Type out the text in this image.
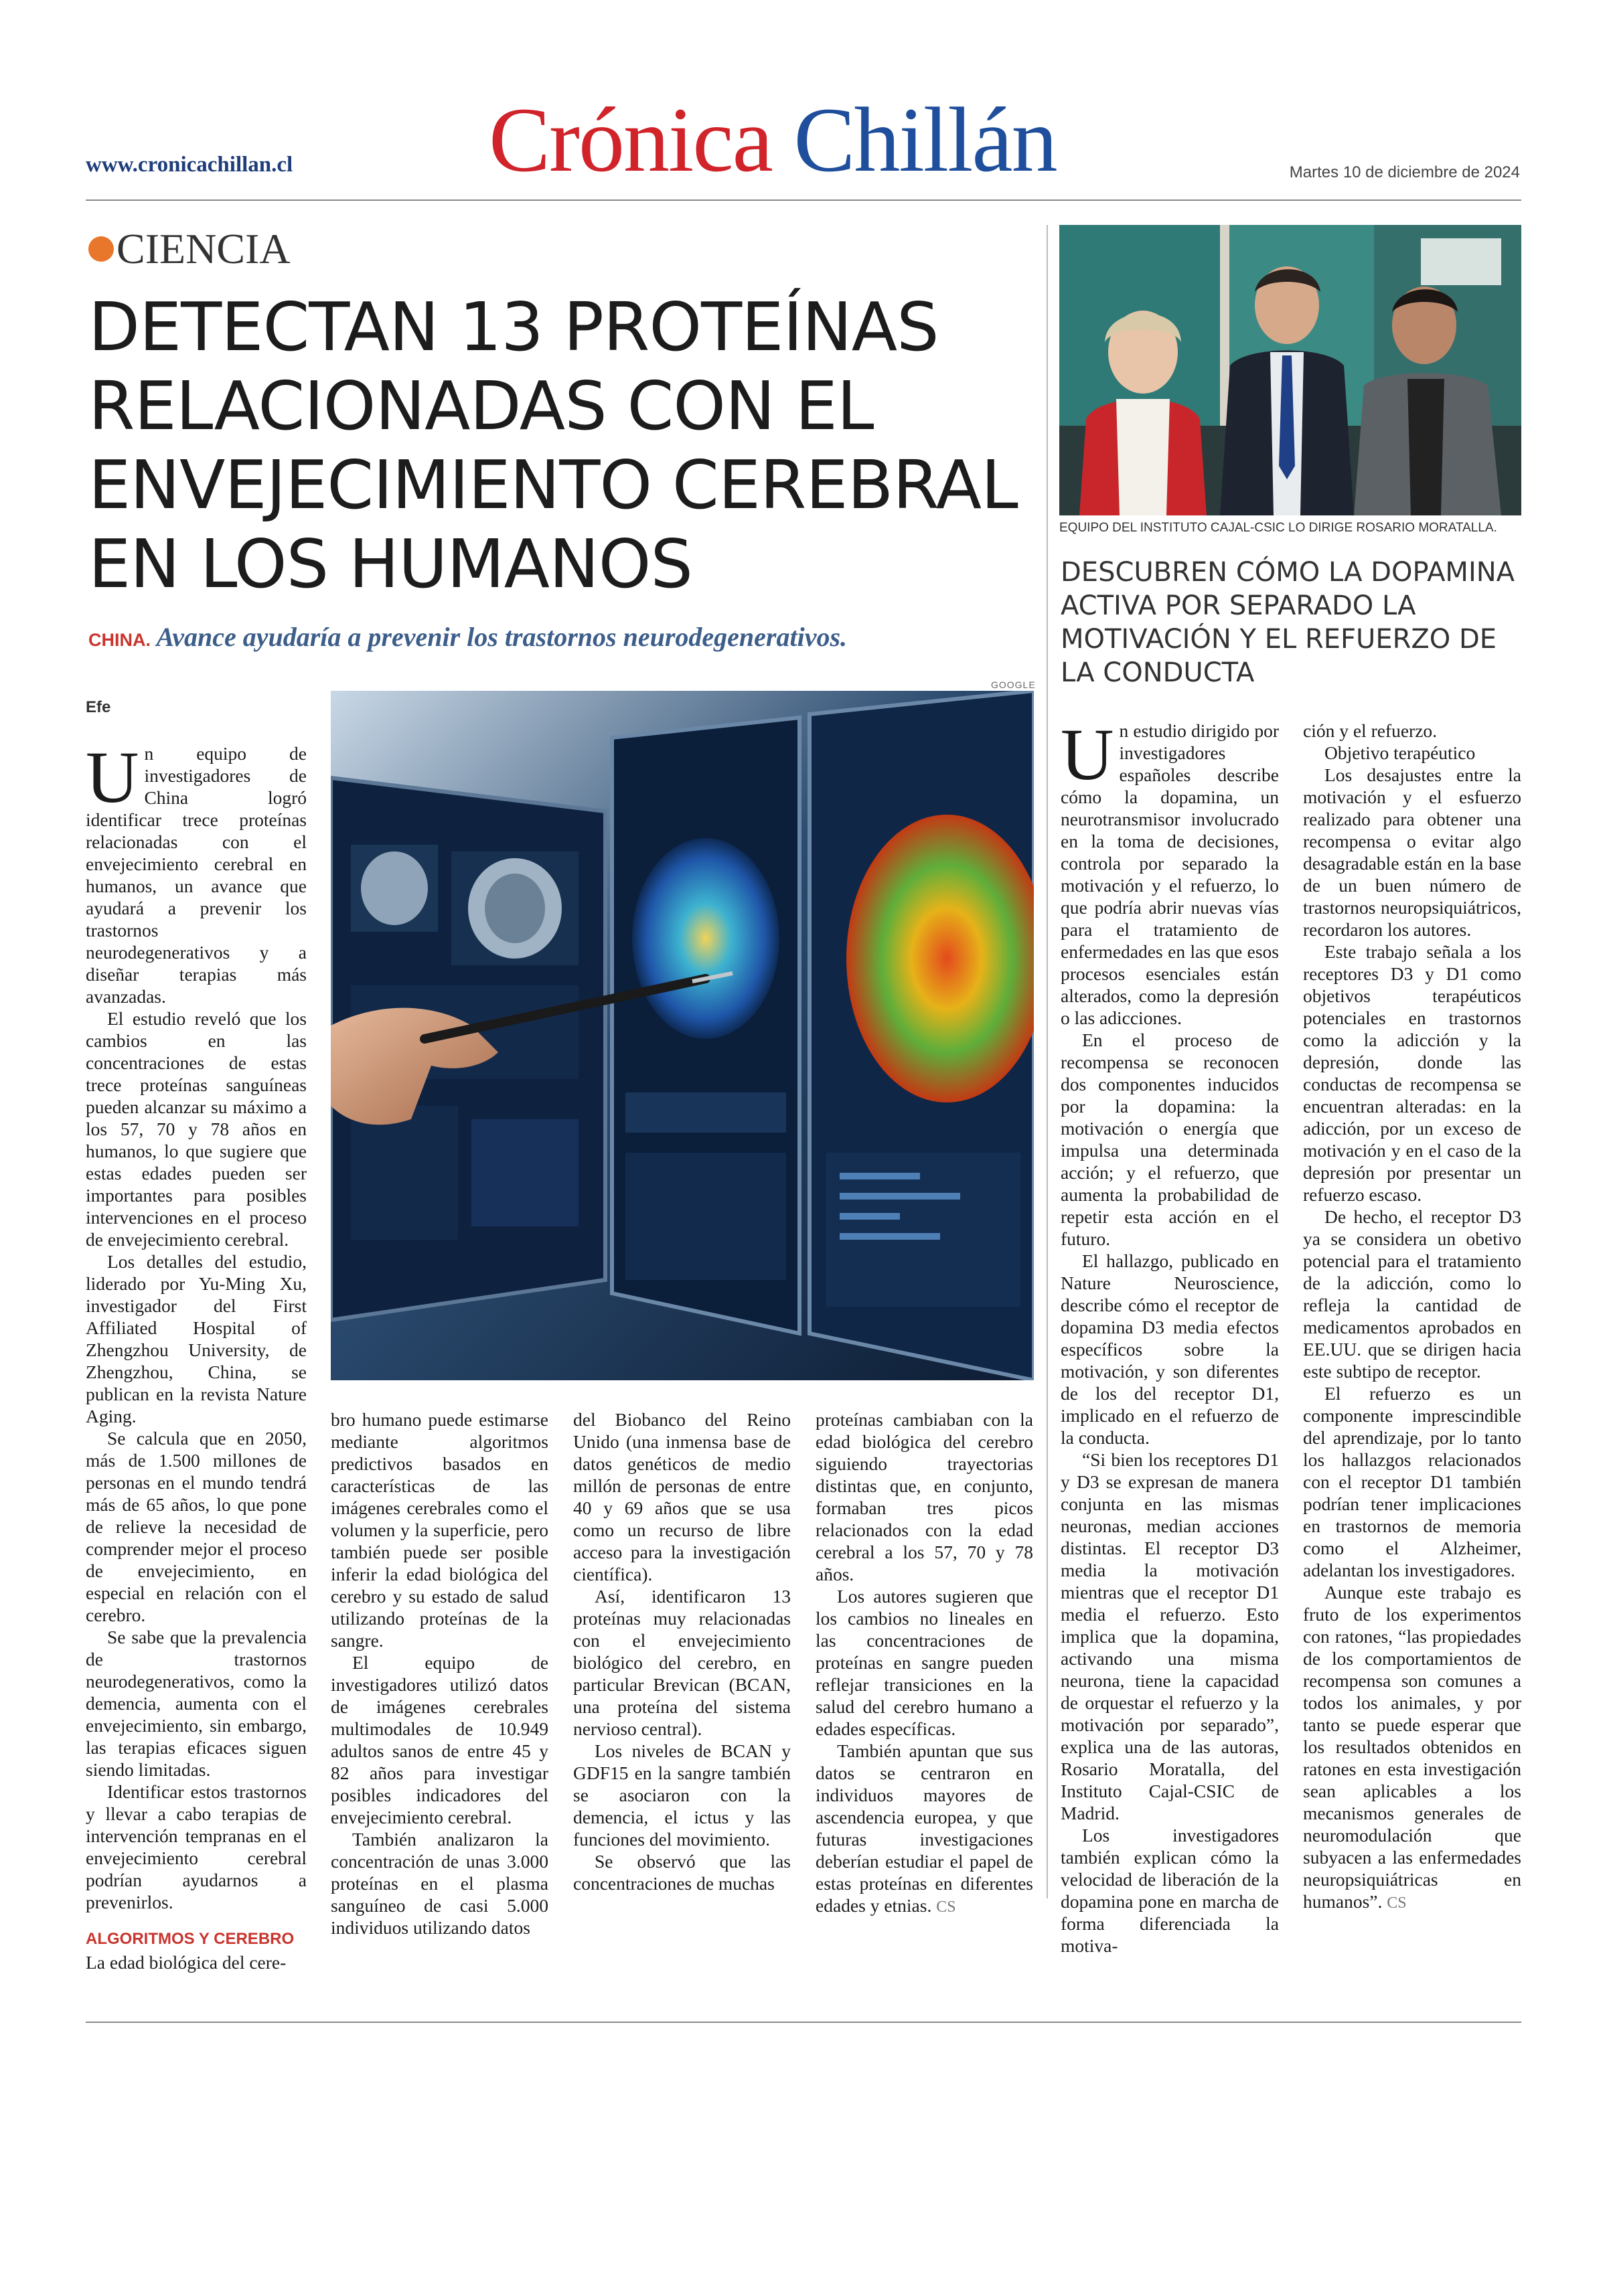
www.cronicachillan.cl Crónica Chillán	Martes 10 de diciembre de 2024
CIENCIA
DETECTAN 13 PROTEÍNAS RELACIONADAS CON EL ENVEJECIMIENTO CEREBRAL EN LOS HUMANOS
CHINA. Avance ayudaría a prevenir los trastornos neurodegenerativos.
GOOGLE
Efe

Un equipo de investigadores de China logró identificar trece proteínas relacionadas con el envejecimiento cerebral en humanos, un avance que ayudará a prevenir los trastornos neurodegenerativos y a diseñar terapias más avanzadas.

El estudio reveló que los cambios en las concentraciones de estas trece proteínas sanguíneas pueden alcanzar su máximo a los 57, 70 y 78 años en humanos, lo que sugiere que estas edades pueden ser importantes para posibles intervenciones en el proceso de envejecimiento cerebral.

Los detalles del estudio, liderado por Yu-Ming Xu, investigador del First Affiliated Hospital of Zhengzhou University, de Zhengzhou, China, se publican en la revista Nature Aging.

Se calcula que en 2050, más de 1.500 millones de personas en el mundo tendrá más de 65 años, lo que pone de relieve la necesidad de comprender mejor el proceso de envejecimiento, en especial en relación con el cerebro.

Se sabe que la prevalencia de trastornos neurodegenerativos, como la demencia, aumenta con el envejecimiento, sin embargo, las terapias eficaces siguen siendo limitadas.

Identificar estos trastornos y llevar a cabo terapias de intervención tempranas en el envejecimiento cerebral podrían ayudarnos a prevenirlos.

ALGORITMOS Y CEREBRO

La edad biológica del cere-

bro humano puede estimarse mediante algoritmos predictivos basados en características de las imágenes cerebrales como el volumen y la superficie, pero también puede ser posible inferir la edad biológica del cerebro y su estado de salud utilizando proteínas de la sangre.

El equipo de investigadores utilizó datos de imágenes cerebrales multimodales de 10.949 adultos sanos de entre 45 y 82 años para investigar posibles indicadores del envejecimiento cerebral.

También analizaron la concentración de unas 3.000 proteínas en el plasma sanguíneo de casi 5.000 individuos utilizando datos

del Biobanco del Reino Unido (una inmensa base de datos genéticos de medio millón de personas de entre 40 y 69 años que se usa como un recurso de libre acceso para la investigación científica).

Así, identificaron 13 proteínas muy relacionadas con el envejecimiento biológico del cerebro, en particular Brevican (BCAN, una proteína del sistema nervioso central).

Los niveles de BCAN y GDF15 en la sangre también se asociaron con la demencia, el ictus y las funciones del movimiento.

Se observó que las concentraciones de muchas

proteínas cambiaban con la edad biológica del cerebro siguiendo trayectorias distintas que, en conjunto, formaban tres picos relacionados con la edad cerebral a los 57, 70 y 78 años.

Los autores sugieren que los cambios no lineales en las concentraciones de proteínas en sangre pueden reflejar transiciones en la salud del cerebro humano a edades específicas.

También apuntan que sus datos se centraron en individuos mayores de ascendencia europea, y que futuras investigaciones deberían estudiar el papel de estas proteínas en diferentes edades y etnias. CS

EQUIPO DEL INSTITUTO CAJAL-CSIC LO DIRIGE ROSARIO MORATALLA.
DESCUBREN CÓMO LA DOPAMINA ACTIVA POR SEPARADO LA MOTIVACIÓN Y EL REFUERZO DE LA CONDUCTA

Un estudio dirigido por investigadores españoles describe cómo la dopamina, un neurotransmisor involucrado en la toma de decisiones, controla por separado la motivación y el refuerzo, lo que podría abrir nuevas vías para el tratamiento de enfermedades en las que esos procesos esenciales están alterados, como la depresión o las adicciones.

En el proceso de recompensa se reconocen dos componentes inducidos por la dopamina: la motivación o energía que impulsa una determinada acción; y el refuerzo, que aumenta la probabilidad de repetir esta acción en el futuro.

El hallazgo, publicado en Nature Neuroscience, describe cómo el receptor de dopamina D3 media efectos específicos sobre la motivación, y son diferentes de los del receptor D1, implicado en el refuerzo de la conducta.

“Si bien los receptores D1 y D3 se expresan de manera conjunta en las mismas neuronas, median acciones distintas. El receptor D3 media la motivación mientras que el receptor D1 media el refuerzo. Esto implica que la dopamina, activando una misma neurona, tiene la capacidad de orquestar el refuerzo y la motivación por separado”, explica una de las autoras, Rosario Moratalla, del Instituto Cajal-CSIC de Madrid.

Los investigadores también explican cómo la velocidad de liberación de la dopamina pone en marcha de forma diferenciada la motiva-

ción y el refuerzo.

Objetivo terapéutico

Los desajustes entre la motivación y el esfuerzo realizado para obtener una recompensa o evitar algo desagradable están en la base de un buen número de trastornos neuropsiquiátricos, recordaron los autores.

Este trabajo señala a los receptores D3 y D1 como objetivos terapéuticos potenciales en trastornos como la adicción y la depresión, donde las conductas de recompensa se encuentran alteradas: en la adicción, por un exceso de motivación y en el caso de la depresión por presentar un refuerzo escaso.

De hecho, el receptor D3 ya se considera un obetivo potencial para el tratamiento de la adicción, como lo refleja la cantidad de medicamentos aprobados en EE.UU. que se dirigen hacia este subtipo de receptor.

El refuerzo es un componente imprescindible del aprendizaje, por lo tanto los hallazgos relacionados con el receptor D1 también podrían tener implicaciones en trastornos de memoria como el Alzheimer, adelantan los investigadores.

Aunque este trabajo es fruto de los experimentos con ratones, “las propiedades de los comportamientos de recompensa son comunes a todos los animales, y por tanto se puede esperar que los resultados obtenidos en ratones en esta investigación sean aplicables a los mecanismos generales de neuromodulación que subyacen a las enfermedades neuropsiquiátricas en humanos”. CS
